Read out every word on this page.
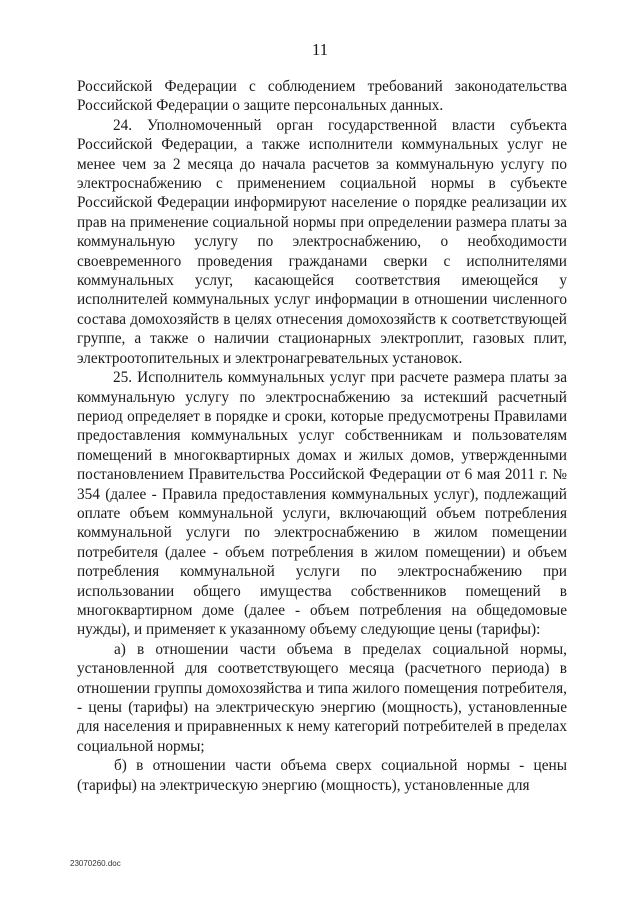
11

Российской Федерации с соблюдением требований законодательства Российской Федерации о защите персональных данных.

24. Уполномоченный орган государственной власти субъекта Российской Федерации, а также исполнители коммунальных услуг не менее чем за 2 месяца до начала расчетов за коммунальную услугу по электроснабжению с применением социальной нормы в субъекте Российской Федерации информируют население о порядке реализации их прав на применение социальной нормы при определении размера платы за коммунальную услугу по электроснабжению, о необходимости своевременного проведения гражданами сверки с исполнителями коммунальных услуг, касающейся соответствия имеющейся у исполнителей коммунальных услуг информации в отношении численного состава домохозяйств в целях отнесения домохозяйств к соответствующей группе, а также о наличии стационарных электроплит, газовых плит, электроотопительных и электронагревательных установок.

25. Исполнитель коммунальных услуг при расчете размера платы за коммунальную услугу по электроснабжению за истекший расчетный период определяет в порядке и сроки, которые предусмотрены Правилами предоставления коммунальных услуг собственникам и пользователям помещений в многоквартирных домах и жилых домов, утвержденными постановлением Правительства Российской Федерации от 6 мая 2011 г. № 354 (далее - Правила предоставления коммунальных услуг), подлежащий оплате объем коммунальной услуги, включающий объем потребления коммунальной услуги по электроснабжению в жилом помещении потребителя (далее - объем потребления в жилом помещении) и объем потребления коммунальной услуги по электроснабжению при использовании общего имущества собственников помещений в многоквартирном доме (далее - объем потребления на общедомовые нужды), и применяет к указанному объему следующие цены (тарифы):

а) в отношении части объема в пределах социальной нормы, установленной для соответствующего месяца (расчетного периода) в отношении группы домохозяйства и типа жилого помещения потребителя, - цены (тарифы) на электрическую энергию (мощность), установленные для населения и приравненных к нему категорий потребителей в пределах социальной нормы;

б) в отношении части объема сверх социальной нормы - цены (тарифы) на электрическую энергию (мощность), установленные для

23070260.doc
